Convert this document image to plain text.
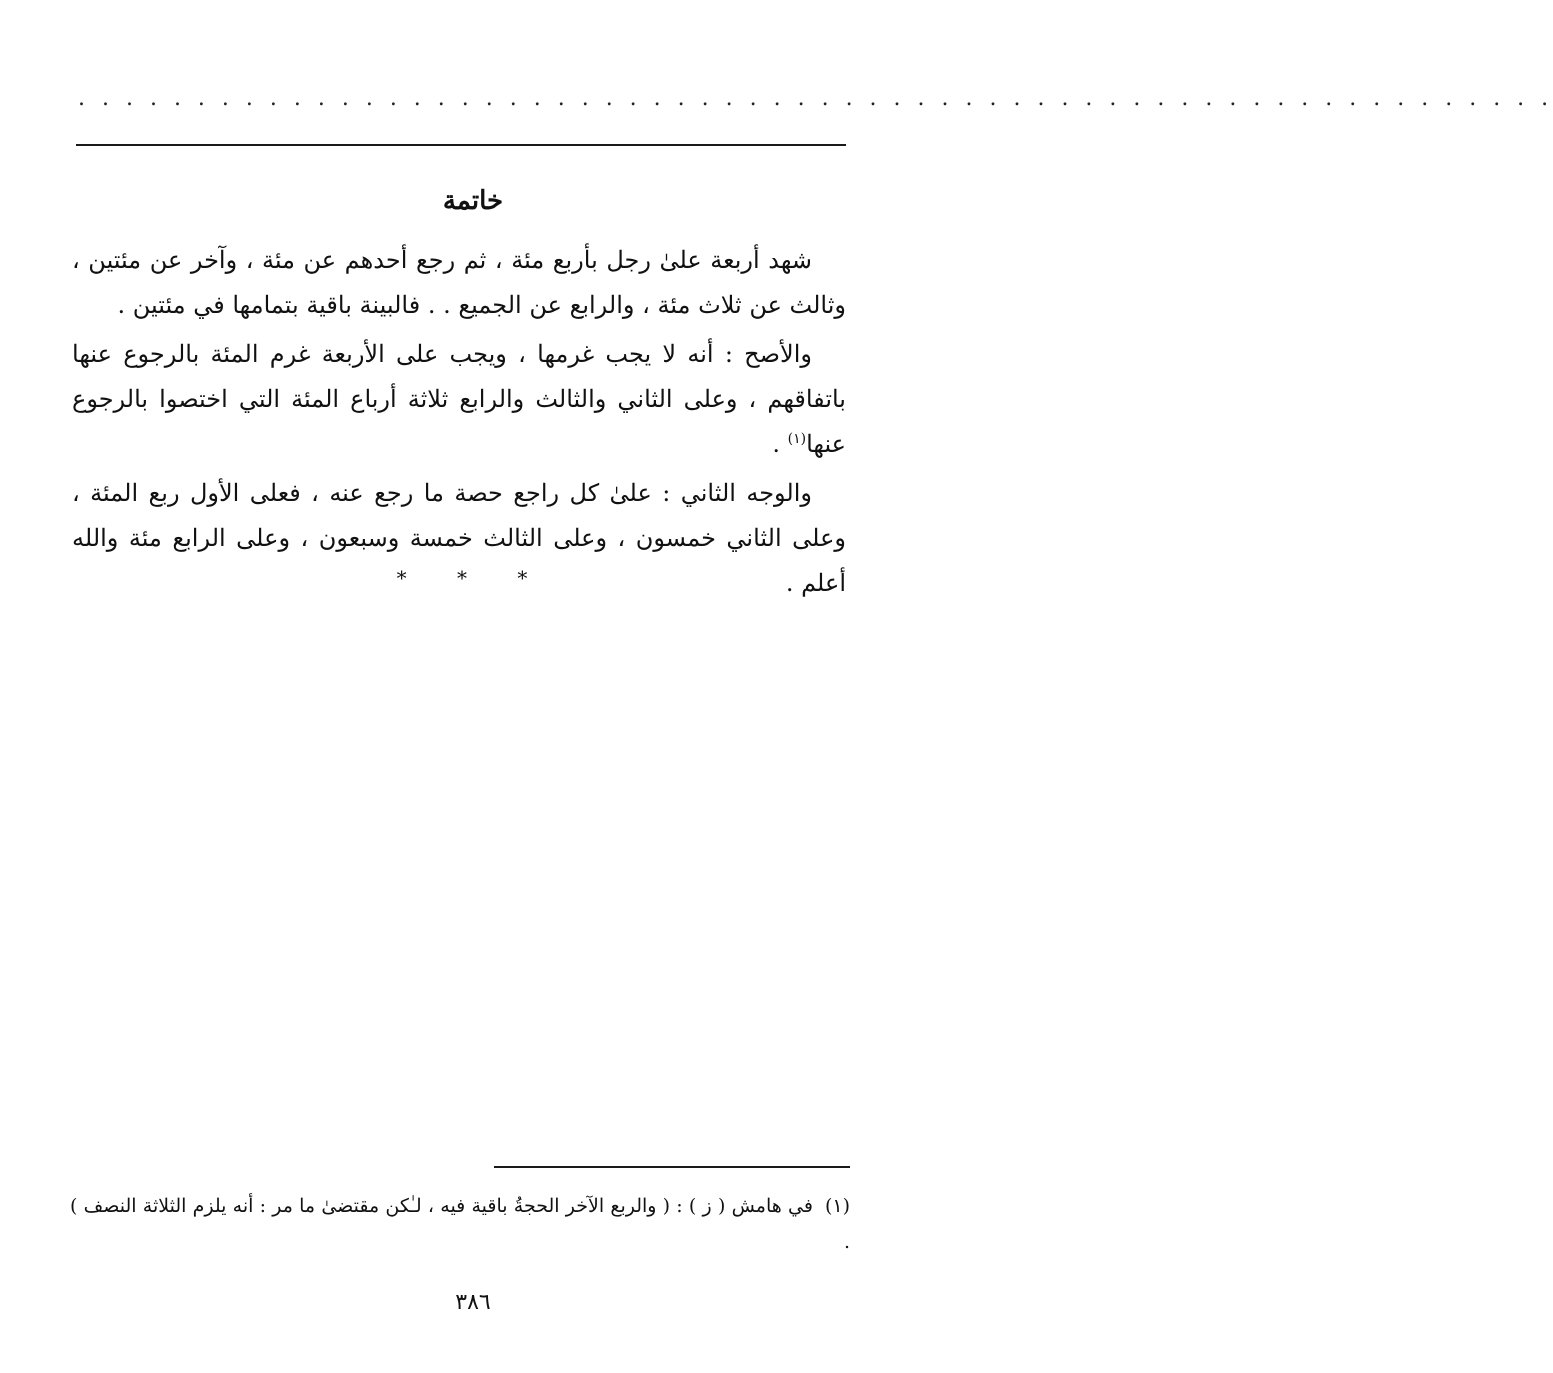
. . . . . . . . . . . . . . . . . . . . . . . . . . . . . . . . . . . . . . . . . . . . . . . . . . . . . . . . . . . . . .
خاتمة

شهد أربعة علىٰ رجل بأربع مئة ، ثم رجع أحدهم عن مئة ، وآخر عن مئتين ، وثالث عن ثلاث مئة ، والرابع عن الجميع . . فالبينة باقية بتمامها في مئتين .

والأصح : أنه لا يجب غرمها ، ويجب على الأربعة غرم المئة بالرجوع عنها باتفاقهم ، وعلى الثاني والثالث والرابع ثلاثة أرباع المئة التي اختصوا بالرجوع عنها$^{(١)}$ .

والوجه الثاني : علىٰ كل راجع حصة ما رجع عنه ، فعلى الأول ربع المئة ، وعلى الثاني خمسون ، وعلى الثالث خمسة وسبعون ، وعلى الرابع مئة والله أعلم .

* * *
(١)في هامش ( ز ) : ( والربع الآخر الحجةُ باقية فيه ، لـٰكن مقتضىٰ ما مر : أنه يلزم الثلاثة النصف ) .
٣٨٦
